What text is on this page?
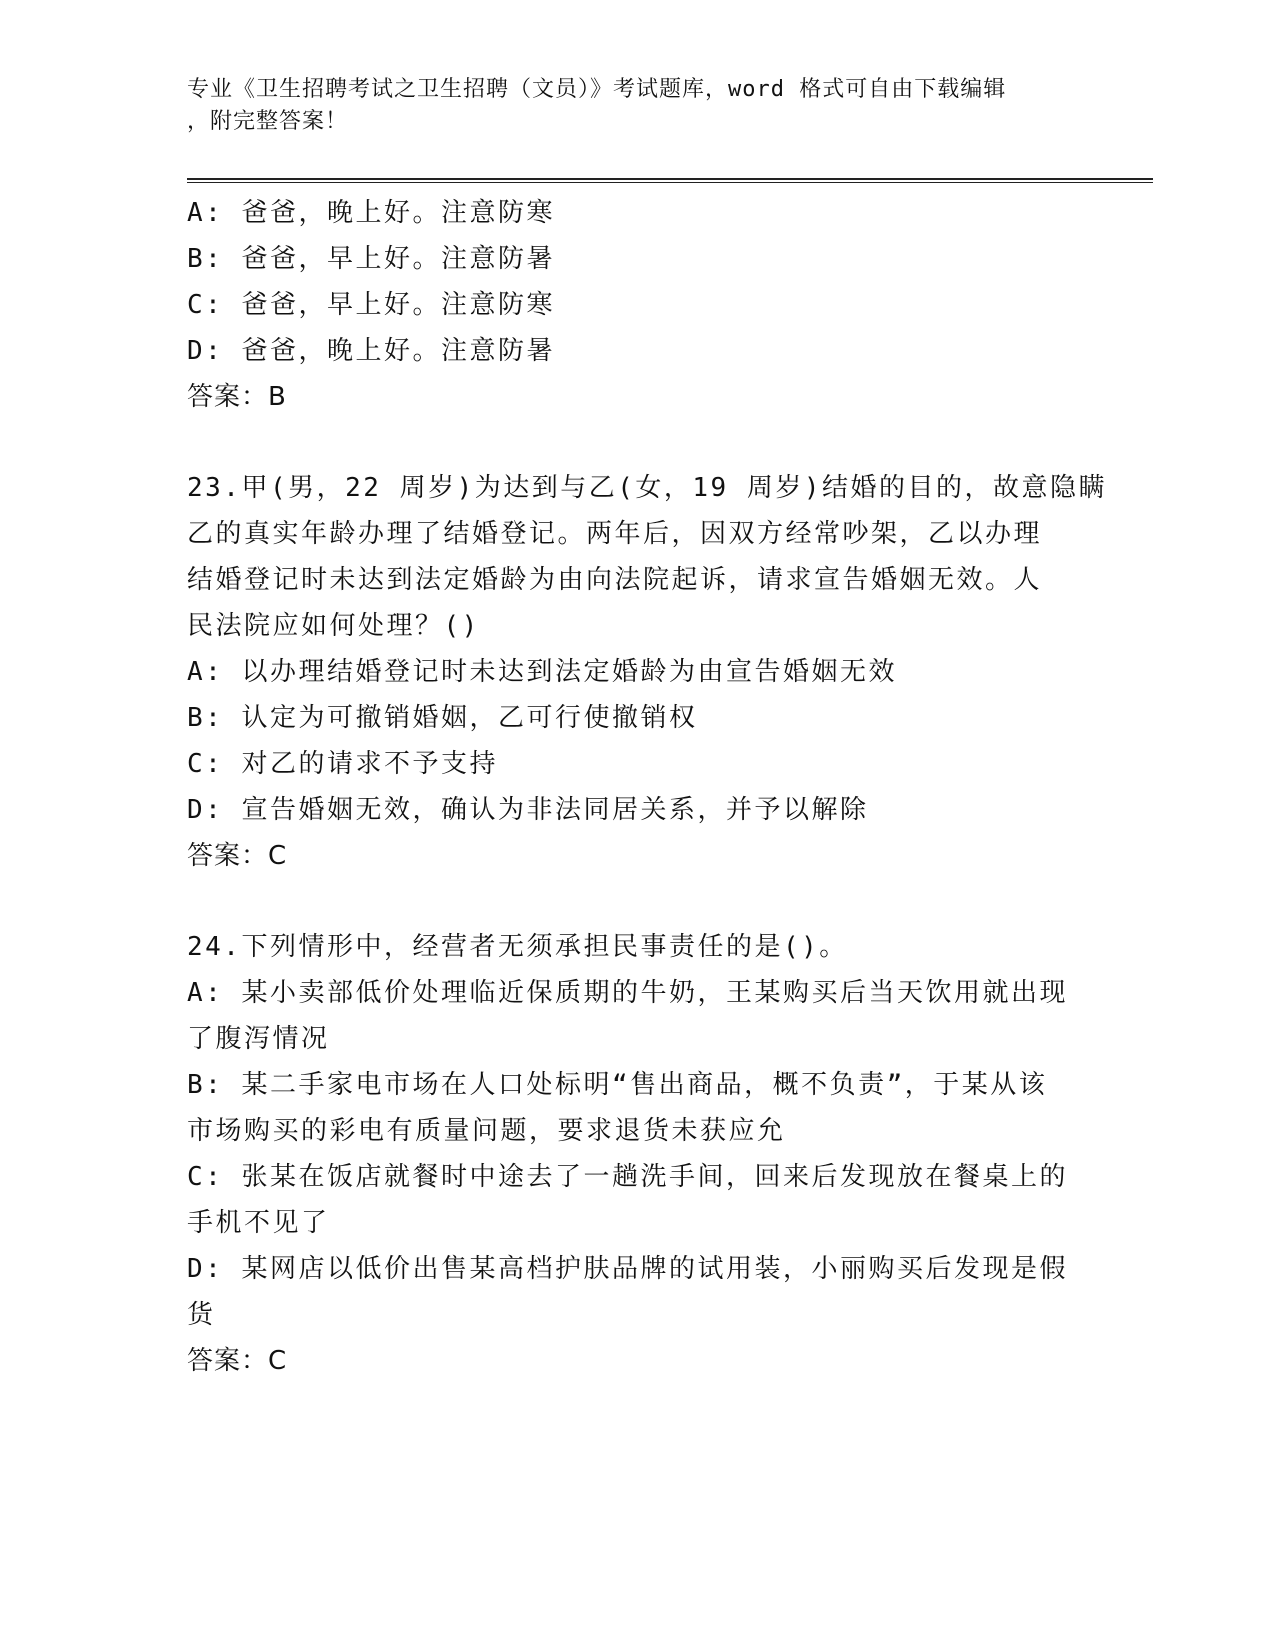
专业《卫生招聘考试之卫生招聘（文员）》考试题库，word 格式可自由下载编辑
，附完整答案！
A: 爸爸，晚上好。注意防寒
B: 爸爸，早上好。注意防暑
C: 爸爸，早上好。注意防寒
D: 爸爸，晚上好。注意防暑
答案：B
23.甲(男，22 周岁)为达到与乙(女，19 周岁)结婚的目的，故意隐瞒
乙的真实年龄办理了结婚登记。两年后，因双方经常吵架，乙以办理
结婚登记时未达到法定婚龄为由向法院起诉，请求宣告婚姻无效。人
民法院应如何处理？()
A: 以办理结婚登记时未达到法定婚龄为由宣告婚姻无效
B: 认定为可撤销婚姻，乙可行使撤销权
C: 对乙的请求不予支持
D: 宣告婚姻无效，确认为非法同居关系，并予以解除
答案：C
24.下列情形中，经营者无须承担民事责任的是()。
A: 某小卖部低价处理临近保质期的牛奶，王某购买后当天饮用就出现
了腹泻情况
B: 某二手家电市场在人口处标明“售出商品，概不负责”，于某从该
市场购买的彩电有质量问题，要求退货未获应允
C: 张某在饭店就餐时中途去了一趟洗手间，回来后发现放在餐桌上的
手机不见了
D: 某网店以低价出售某高档护肤品牌的试用装，小丽购买后发现是假
货
答案：C
